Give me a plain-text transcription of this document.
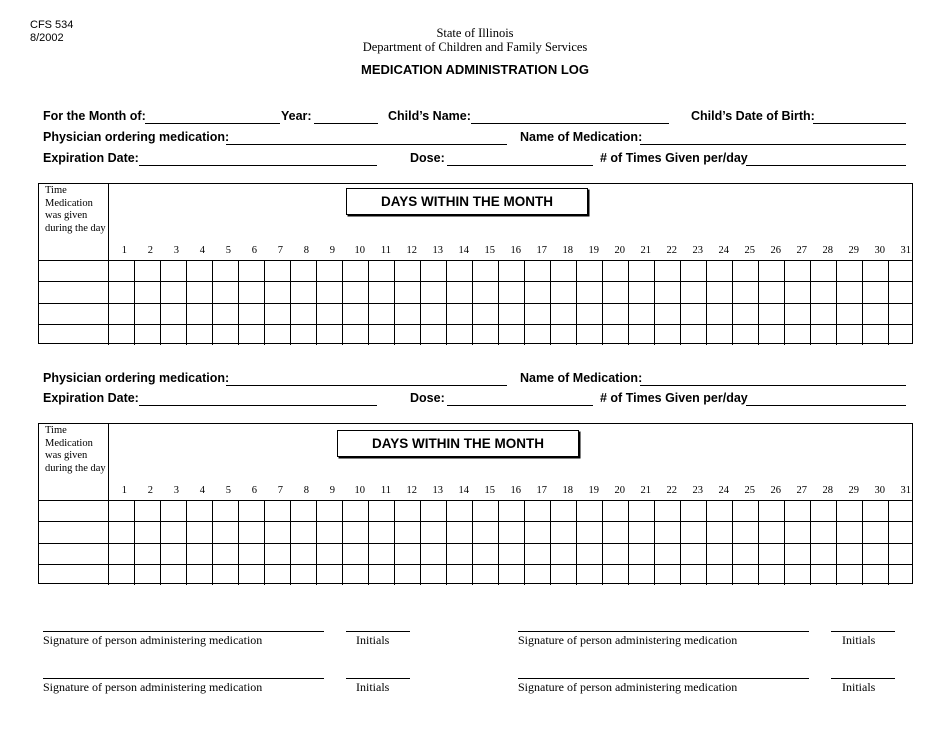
CFS 534
8/2002	State of Illinois
Department of Children and Family Services
MEDICATION ADMINISTRATION LOG
For the Month of:	Year:	Child’s Name:	Child’s Date of Birth:
Physician ordering medication:	Name of Medication:
Expiration Date:	Dose:	# of Times Given per/day
Time Medication was given during the day
DAYS WITHIN THE MONTH
1	2	3	4	5	6	7	8	9	10	11	12	13	14	15	16	17	18	19	20	21	22	23	24	25	26	27	28	29	30	31
Physician ordering medication:	Name of Medication:
Expiration Date:	Dose:	# of Times Given per/day
Time Medication was given during the day
DAYS WITHIN THE MONTH
1	2	3	4	5	6	7	8	9	10	11	12	13	14	15	16	17	18	19	20	21	22	23	24	25	26	27	28	29	30	31
Signature of person administering medication	Initials	Signature of person administering medication	Initials
Signature of person administering medication	Initials	Signature of person administering medication	Initials
